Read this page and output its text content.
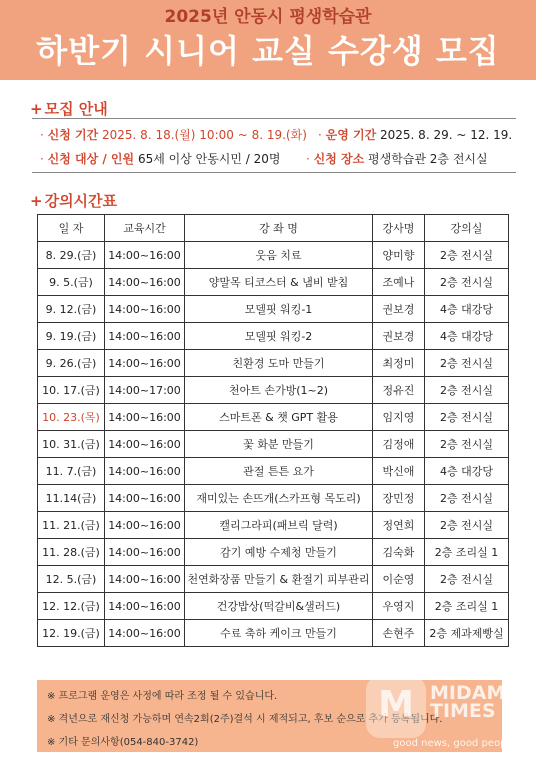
2025년 안동시 평생학습관
하반기 시니어 교실 수강생 모집
+ 모집 안내
· 신청 기간 2025. 8. 18.(월) 10:00 ~ 8. 19.(화) · 운영 기간 2025. 8. 29. ~ 12. 19.
· 신청 대상 / 인원 65세 이상 안동시민 / 20명 · 신청 장소 평생학습관 2층 전시실
+ 강의시간표
일 자	교육시간	강 좌 명	강사명	강의실
8. 29.(금)	14:00~16:00	웃음 치료	양미향	2층 전시실
9. 5.(금)	14:00~16:00	양말목 티코스터 & 냄비 받침	조예나	2층 전시실
9. 12.(금)	14:00~16:00	모델핏 워킹-1	권보경	4층 대강당
9. 19.(금)	14:00~16:00	모델핏 워킹-2	권보경	4층 대강당
9. 26.(금)	14:00~16:00	친환경 도마 만들기	최정미	2층 전시실
10. 17.(금)	14:00~17:00	천아트 손가방(1~2)	정유진	2층 전시실
10. 23.(목)	14:00~16:00	스마트폰 & 챗 GPT 활용	임지영	2층 전시실
10. 31.(금)	14:00~16:00	꽃 화분 만들기	김정애	2층 전시실
11. 7.(금)	14:00~16:00	관절 튼튼 요가	박신애	4층 대강당
11.14(금)	14:00~16:00	재미있는 손뜨개(스카프형 목도리)	장민정	2층 전시실
11. 21.(금)	14:00~16:00	캘리그라피(패브릭 달력)	정연희	2층 전시실
11. 28.(금)	14:00~16:00	감기 예방 수제청 만들기	김숙화	2층 조리실 1
12. 5.(금)	14:00~16:00	천연화장품 만들기 & 환절기 피부관리	이순영	2층 전시실
12. 12.(금)	14:00~16:00	건강밥상(떡갈비&샐러드)	우영지	2층 조리실 1
12. 19.(금)	14:00~16:00	수료 축하 케이크 만들기	손현주	2층 제과제빵실
※ 프로그램 운영은 사정에 따라 조정 될 수 있습니다.
※ 격년으로 재신청 가능하며 연속2회(2주)결석 시 제적되고, 후보 순으로 추가 등록됩니다.
※ 기타 문의사항(054-840-3742)
M MIDAM
TIMES
good news, good people
